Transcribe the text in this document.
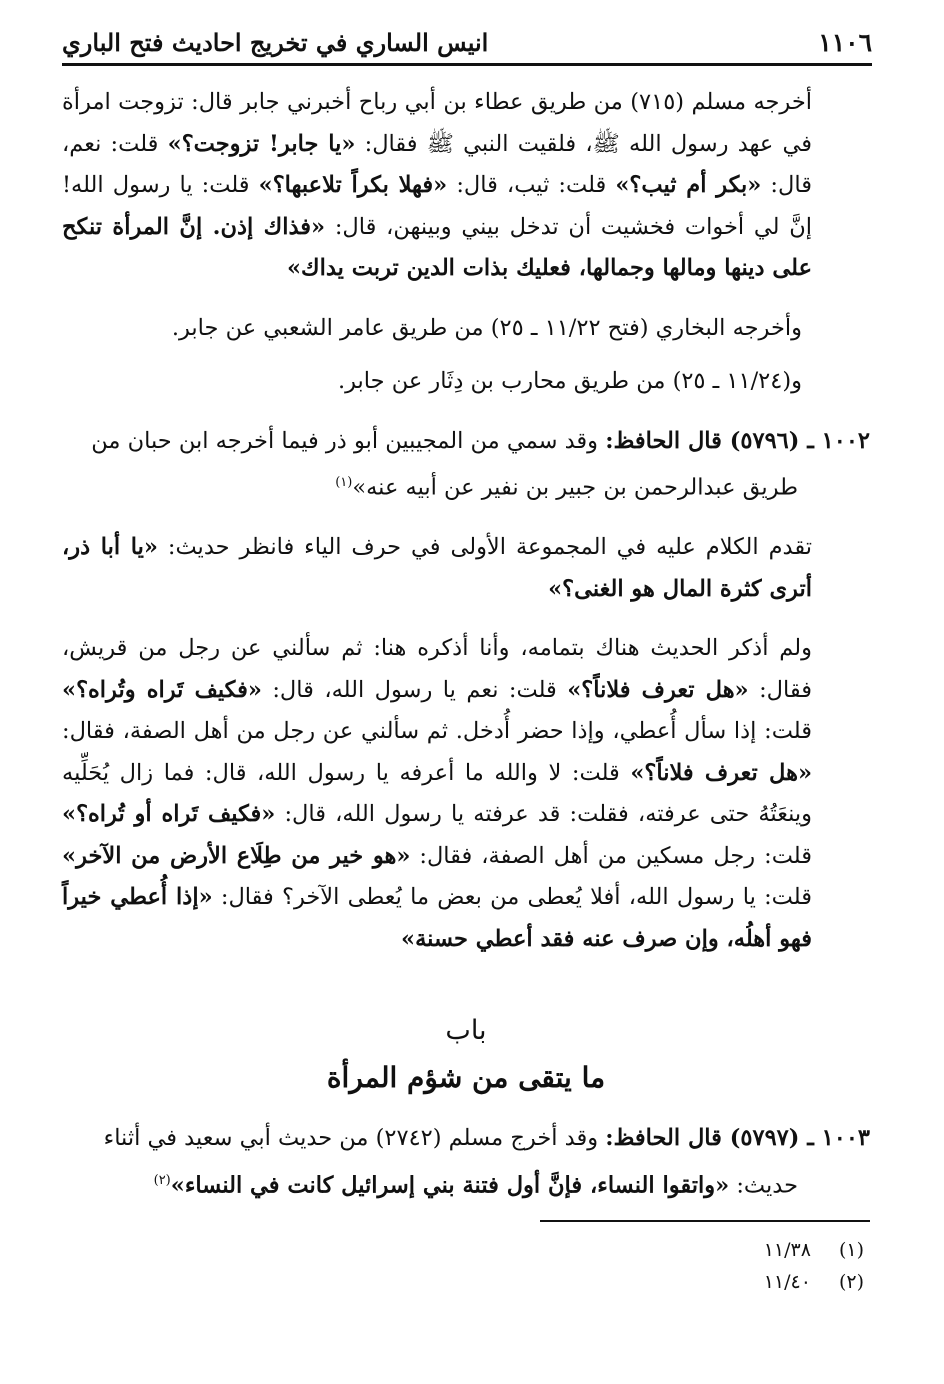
١١٠٦
انيس الساري في تخريج احاديث فتح الباري

أخرجه مسلم (٧١٥) من طريق عطاء بن أبي رباح أخبرني جابر قال: تزوجت امرأة في عهد رسول الله ﷺ، فلقيت النبي ﷺ فقال: «يا جابر! تزوجت؟» قلت: نعم، قال: «بكر أم ثيب؟» قلت: ثيب، قال: «فهلا بكراً تلاعبها؟» قلت: يا رسول الله! إنَّ لي أخوات فخشيت أن تدخل بيني وبينهن، قال: «فذاك إذن. إنَّ المرأة تنكح على دينها ومالها وجمالها، فعليك بذات الدين تربت يداك»

وأخرجه البخاري (فتح ١١/٢٢ ـ ٢٥) من طريق عامر الشعبي عن جابر.

و(١١/٢٤ ـ ٢٥) من طريق محارب بن دِثَار عن جابر.

١٠٠٢ ـ (٥٧٩٦) قال الحافظ: وقد سمي من المجيبين أبو ذر فيما أخرجه ابن حبان من
طريق عبدالرحمن بن جبير بن نفير عن أبيه عنه»$^{(١)}$

تقدم الكلام عليه في المجموعة الأولى في حرف الياء فانظر حديث: «يا أبا ذر، أترى كثرة المال هو الغنى؟»

ولم أذكر الحديث هناك بتمامه، وأنا أذكره هنا: ثم سألني عن رجل من قريش، فقال: «هل تعرف فلاناً؟» قلت: نعم يا رسول الله، قال: «فكيف تَراه وتُراه؟» قلت: إذا سأل أُعطي، وإذا حضر أُدخل. ثم سألني عن رجل من أهل الصفة، فقال: «هل تعرف فلاناً؟» قلت: لا والله ما أعرفه يا رسول الله، قال: فما زال يُحَلِّيه وينعَتُهُ حتى عرفته، فقلت: قد عرفته يا رسول الله، قال: «فكيف تَراه أو تُراه؟» قلت: رجل مسكين من أهل الصفة، فقال: «هو خير من طِلَاع الأرض من الآخر» قلت: يا رسول الله، أفلا يُعطى من بعض ما يُعطى الآخر؟ فقال: «إذا أُعطي خيراً فهو أهلُه، وإن صرف عنه فقد أعطي حسنة»

باب
ما يتقى من شؤم المرأة

١٠٠٣ ـ (٥٧٩٧) قال الحافظ: وقد أخرج مسلم (٢٧٤٢) من حديث أبي سعيد في أثناء
حديث: «واتقوا النساء، فإنَّ أول فتنة بني إسرائيل كانت في النساء»$^{(٢)}$

(١)
١١/٣٨
(٢)
١١/٤٠
